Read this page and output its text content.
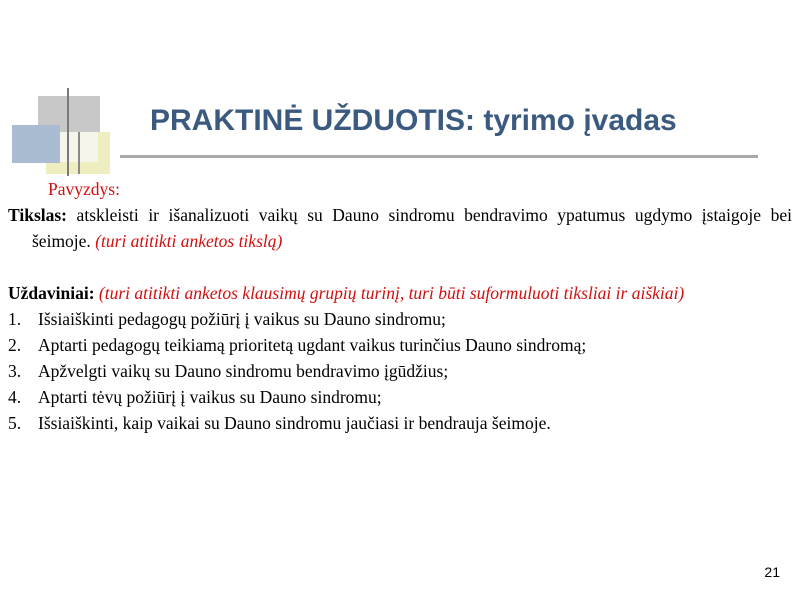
PRAKTINĖ UŽDUOTIS: tyrimo įvadas

Pavyzdys:

Tikslas: atskleisti ir išanalizuoti vaikų su Dauno sindromu bendravimo ypatumus ugdymo įstaigoje bei šeimoje. (turi atitikti anketos tikslą)

Uždaviniai: (turi atitikti anketos klausimų grupių turinį, turi būti suformuluoti tiksliai ir aiškiai)

1. Išsiaiškinti pedagogų požiūrį į vaikus su Dauno sindromu;
2. Aptarti pedagogų teikiamą prioritetą ugdant vaikus turinčius Dauno sindromą;
3. Apžvelgti vaikų su Dauno sindromu bendravimo įgūdžius;
4. Aptarti tėvų požiūrį į vaikus su Dauno sindromu;
5. Išsiaiškinti, kaip vaikai su Dauno sindromu jaučiasi ir bendrauja šeimoje.
21
